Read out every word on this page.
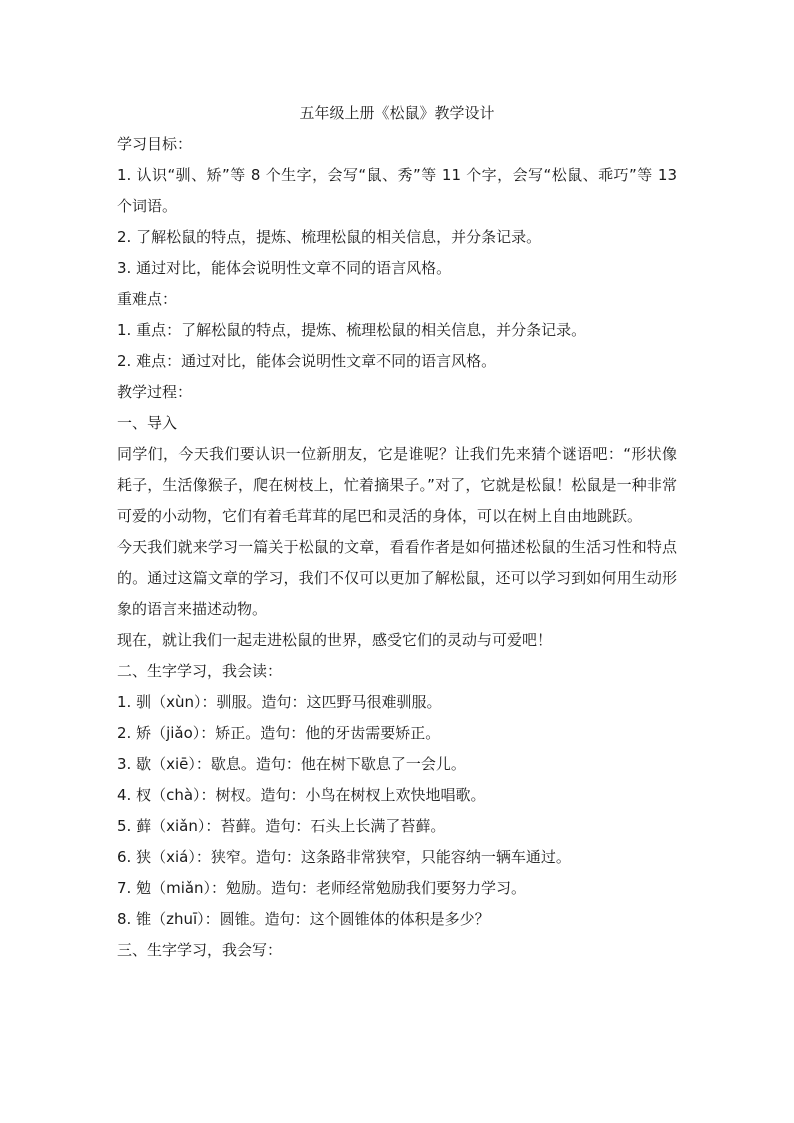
五年级上册《松鼠》教学设计
学习目标：
1. 认识“驯、矫”等 8 个生字，会写“鼠、秀”等 11 个字，会写“松鼠、乖巧”等 13 个词语。
2. 了解松鼠的特点，提炼、梳理松鼠的相关信息，并分条记录。
3. 通过对比，能体会说明性文章不同的语言风格。
重难点：
1. 重点：了解松鼠的特点，提炼、梳理松鼠的相关信息，并分条记录。
2. 难点：通过对比，能体会说明性文章不同的语言风格。
教学过程：
一、导入
同学们，今天我们要认识一位新朋友，它是谁呢？让我们先来猜个谜语吧：“形状像耗子，生活像猴子，爬在树枝上，忙着摘果子。”对了，它就是松鼠！松鼠是一种非常可爱的小动物，它们有着毛茸茸的尾巴和灵活的身体，可以在树上自由地跳跃。
今天我们就来学习一篇关于松鼠的文章，看看作者是如何描述松鼠的生活习性和特点的。通过这篇文章的学习，我们不仅可以更加了解松鼠，还可以学习到如何用生动形象的语言来描述动物。
现在，就让我们一起走进松鼠的世界，感受它们的灵动与可爱吧！
二、生字学习，我会读：
1. 驯（xùn）：驯服。造句：这匹野马很难驯服。
2. 矫（jiǎo）：矫正。造句：他的牙齿需要矫正。
3. 歇（xiē）：歇息。造句：他在树下歇息了一会儿。
4. 杈（chà）：树杈。造句：小鸟在树杈上欢快地唱歌。
5. 藓（xiǎn）：苔藓。造句：石头上长满了苔藓。
6. 狭（xiá）：狭窄。造句：这条路非常狭窄，只能容纳一辆车通过。
7. 勉（miǎn）：勉励。造句：老师经常勉励我们要努力学习。
8. 锥（zhuī）：圆锥。造句：这个圆锥体的体积是多少？
三、生字学习，我会写：
